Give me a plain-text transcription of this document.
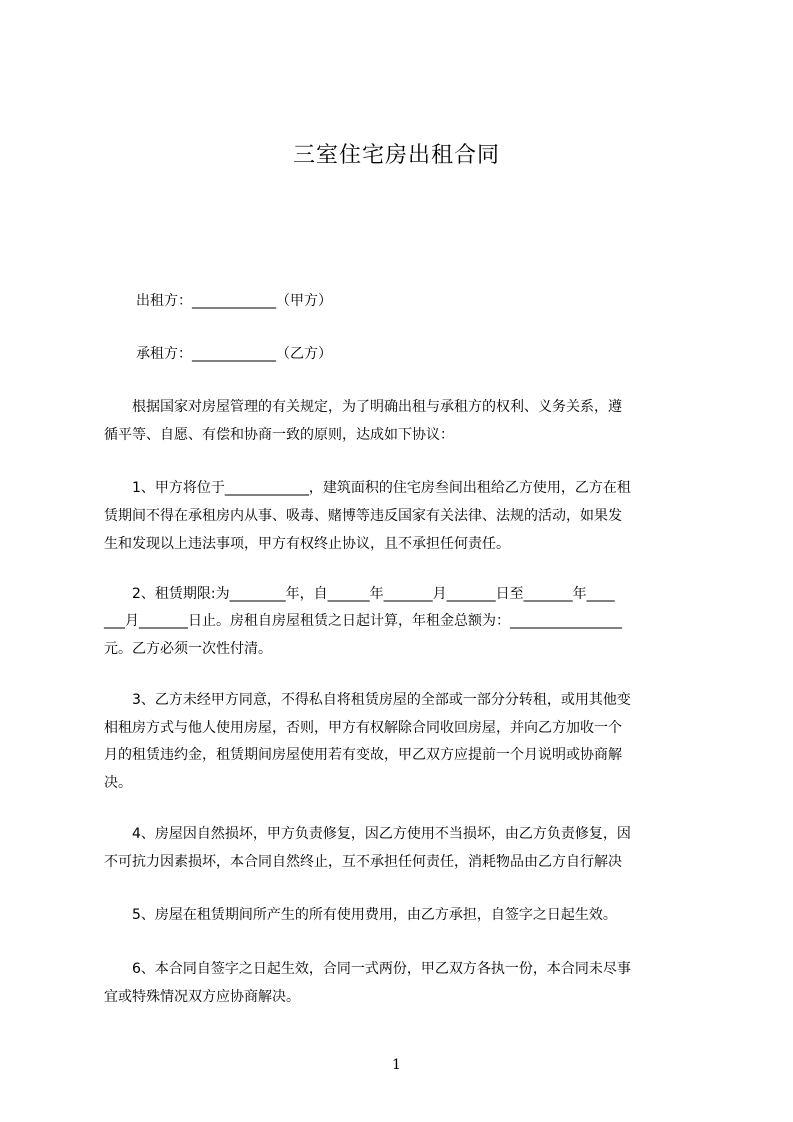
三室住宅房出租合同
出租方：____________（甲方）
承租方：____________（乙方）
　　根据国家对房屋管理的有关规定，为了明确出租与承租方的权利、义务关系，遵
循平等、自愿、有偿和协商一致的原则，达成如下协议：
　　1、甲方将位于____________，建筑面积的住宅房叁间出租给乙方使用，乙方在租
赁期间不得在承租房内从事、吸毒、赌博等违反国家有关法律、法规的活动，如果发
生和发现以上违法事项，甲方有权终止协议，且不承担任何责任。
　　2、租赁期限:为________年，自______年_______月_______日至_______年____
___月_______日止。房租自房屋租赁之日起计算，年租金总额为：________________
元。乙方必须一次性付清。
　　3、乙方未经甲方同意，不得私自将租赁房屋的全部或一部分分转租，或用其他变
相租房方式与他人使用房屋，否则，甲方有权解除合同收回房屋，并向乙方加收一个
月的租赁违约金，租赁期间房屋使用若有变故，甲乙双方应提前一个月说明或协商解
决。
　　4、房屋因自然损坏，甲方负责修复，因乙方使用不当损坏，由乙方负责修复，因
不可抗力因素损坏，本合同自然终止，互不承担任何责任，消耗物品由乙方自行解决
　　5、房屋在租赁期间所产生的所有使用费用，由乙方承担，自签字之日起生效。
　　6、本合同自签字之日起生效，合同一式两份，甲乙双方各执一份，本合同未尽事
宜或特殊情况双方应协商解决。
1
